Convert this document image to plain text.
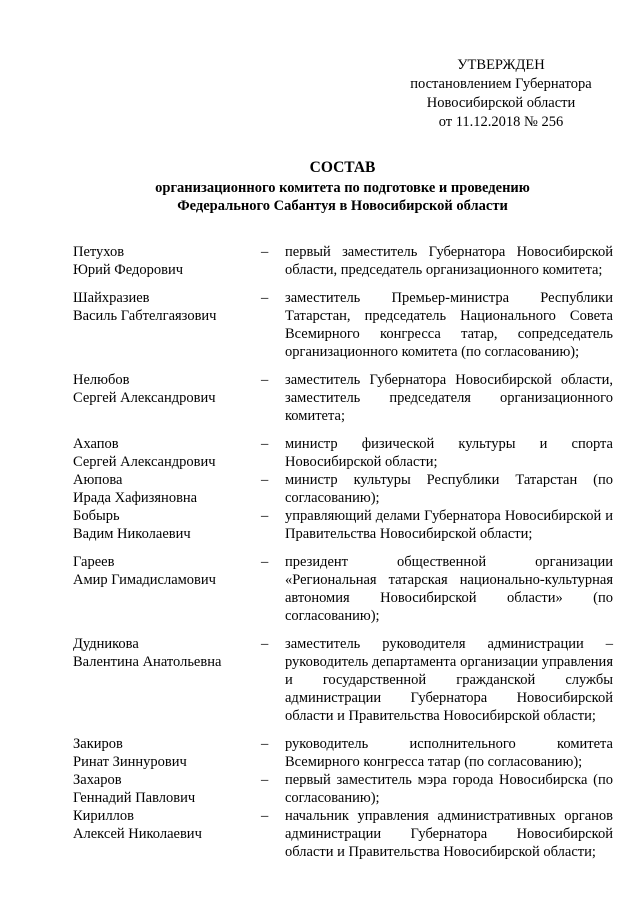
УТВЕРЖДЕН
постановлением Губернатора
Новосибирской области
от 11.12.2018 № 256
СОСТАВ
организационного комитета по подготовке и проведению
Федерального Сабантуя в Новосибирской области
Петухов
Юрий Федорович
–	первый заместитель Губернатора Новосибирской области, председатель организационного комитета;
Шайхразиев
Василь Габтелгаязович
–	заместитель Премьер-министра Республики Татарстан, председатель Национального Совета Всемирного конгресса татар, сопредседатель организационного комитета (по согласованию);
Нелюбов
Сергей Александрович
–	заместитель Губернатора Новосибирской области, заместитель председателя организационного комитета;
Ахапов
Сергей Александрович
–	министр физической культуры и спорта Новосибирской области;
Аюпова
Ирада Хафизяновна
–	министр культуры Республики Татарстан (по согласованию);
Бобырь
Вадим Николаевич
–	управляющий делами Губернатора Новосибирской и Правительства Новосибирской области;
Гареев
Амир Гимадисламович
–	президент общественной организации «Региональная татарская национально-культурная автономия Новосибирской области» (по согласованию);
Дудникова
Валентина Анатольевна
–	заместитель руководителя администрации – руководитель департамента организации управления и государственной гражданской службы администрации Губернатора Новосибирской области и Правительства Новосибирской области;
Закиров
Ринат Зиннурович
–	руководитель исполнительного комитета Всемирного конгресса татар (по согласованию);
Захаров
Геннадий Павлович
–	первый заместитель мэра города Новосибирска (по согласованию);
Кириллов
Алексей Николаевич
–	начальник управления административных органов администрации Губернатора Новосибирской области и Правительства Новосибирской области;
